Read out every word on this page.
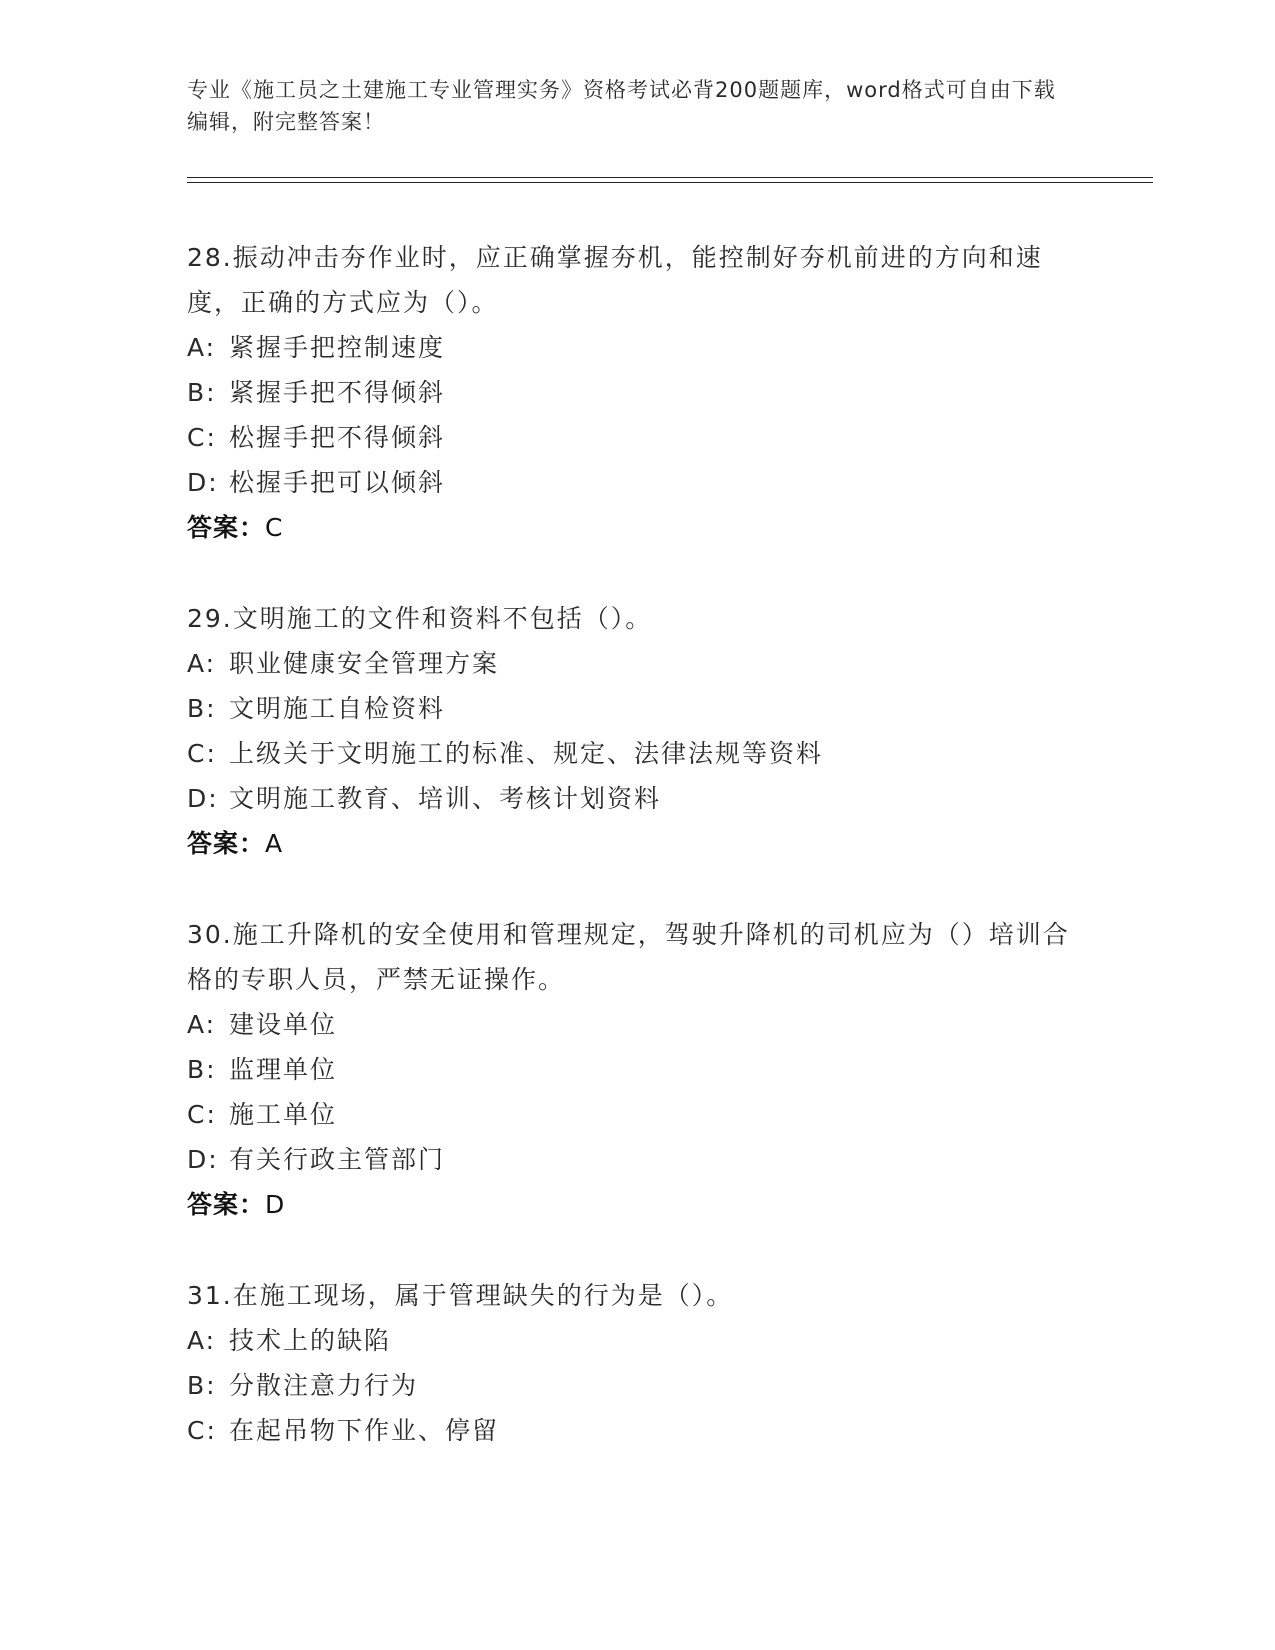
专业《施工员之土建施工专业管理实务》资格考试必背200题题库，word格式可自由下载编辑，附完整答案！
28.振动冲击夯作业时，应正确掌握夯机，能控制好夯机前进的方向和速度，正确的方式应为（）。
A: 紧握手把控制速度
B: 紧握手把不得倾斜
C: 松握手把不得倾斜
D: 松握手把可以倾斜
答案：C
29.文明施工的文件和资料不包括（）。
A: 职业健康安全管理方案
B: 文明施工自检资料
C: 上级关于文明施工的标准、规定、法律法规等资料
D: 文明施工教育、培训、考核计划资料
答案：A
30.施工升降机的安全使用和管理规定，驾驶升降机的司机应为（）培训合格的专职人员，严禁无证操作。
A: 建设单位
B: 监理单位
C: 施工单位
D: 有关行政主管部门
答案：D
31.在施工现场，属于管理缺失的行为是（）。
A: 技术上的缺陷
B: 分散注意力行为
C: 在起吊物下作业、停留
